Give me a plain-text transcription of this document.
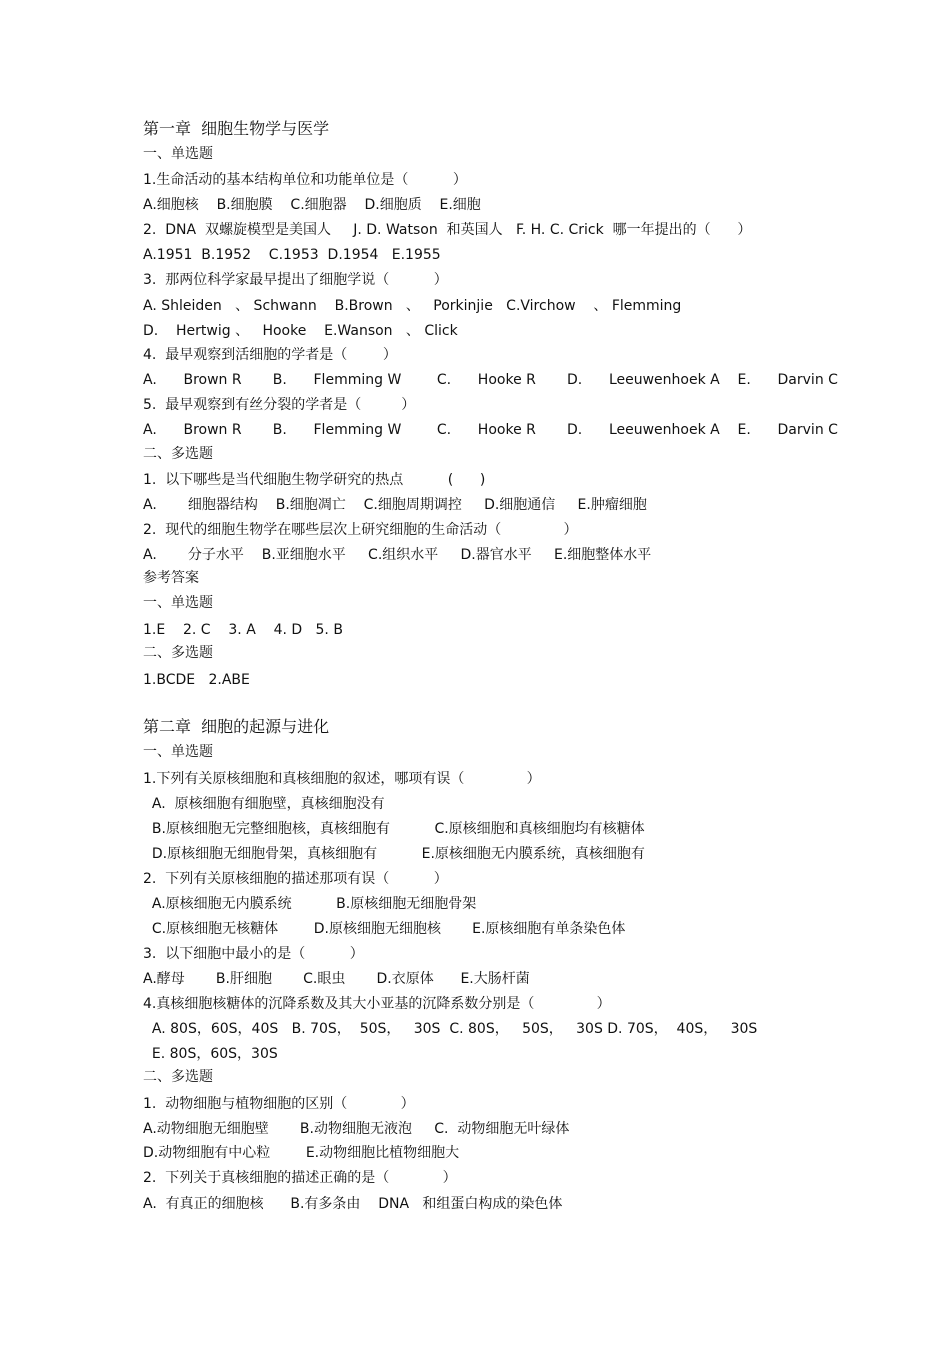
第一章  细胞生物学与医学
一、单选题
1.生命活动的基本结构单位和功能单位是（          ）
A.细胞核    B.细胞膜    C.细胞器    D.细胞质    E.细胞
2.  DNA  双螺旋模型是美国人     J. D. Watson  和英国人   F. H. C. Crick  哪一年提出的（      ）
A.1951  B.1952    C.1953  D.1954   E.1955
3.  那两位科学家最早提出了细胞学说（          ）
A. Shleiden   、 Schwann    B.Brown   、   Porkinjie   C.Virchow    、 Flemming
D.    Hertwig 、   Hooke    E.Wanson   、 Click
4.  最早观察到活细胞的学者是（        ）
A.      Brown R       B.      Flemming W        C.      Hooke R       D.      Leeuwenhoek A    E.      Darvin C
5.  最早观察到有丝分裂的学者是（         ）
A.      Brown R       B.      Flemming W        C.      Hooke R       D.      Leeuwenhoek A    E.      Darvin C
二、多选题
1.  以下哪些是当代细胞生物学研究的热点          (      )
A.       细胞器结构    B.细胞凋亡    C.细胞周期调控     D.细胞通信     E.肿瘤细胞
2.  现代的细胞生物学在哪些层次上研究细胞的生命活动（              ）
A.       分子水平    B.亚细胞水平     C.组织水平     D.器官水平     E.细胞整体水平
参考答案
一、单选题
1.E    2. C    3. A    4. D   5. B
二、多选题
1.BCDE   2.ABE
第二章  细胞的起源与进化
一、单选题
1.下列有关原核细胞和真核细胞的叙述，哪项有误（              ）
A.  原核细胞有细胞壁，真核细胞没有
B.原核细胞无完整细胞核，真核细胞有          C.原核细胞和真核细胞均有核糖体
D.原核细胞无细胞骨架，真核细胞有          E.原核细胞无内膜系统，真核细胞有
2.  下列有关原核细胞的描述那项有误（          ）
A.原核细胞无内膜系统          B.原核细胞无细胞骨架
C.原核细胞无核糖体        D.原核细胞无细胞核       E.原核细胞有单条染色体
3.  以下细胞中最小的是（          ）
A.酵母       B.肝细胞       C.眼虫       D.衣原体      E.大肠杆菌
4.真核细胞核糖体的沉降系数及其大小亚基的沉降系数分别是（              ）
A. 80S，60S，40S   B. 70S，  50S，   30S  C. 80S，   50S，   30S D. 70S，  40S，   30S
E. 80S，60S，30S
二、多选题
1.  动物细胞与植物细胞的区别（            ）
A.动物细胞无细胞壁       B.动物细胞无液泡     C.  动物细胞无叶绿体
D.动物细胞有中心粒        E.动物细胞比植物细胞大
2.  下列关于真核细胞的描述正确的是（            ）
A.  有真正的细胞核      B.有多条由    DNA   和组蛋白构成的染色体
